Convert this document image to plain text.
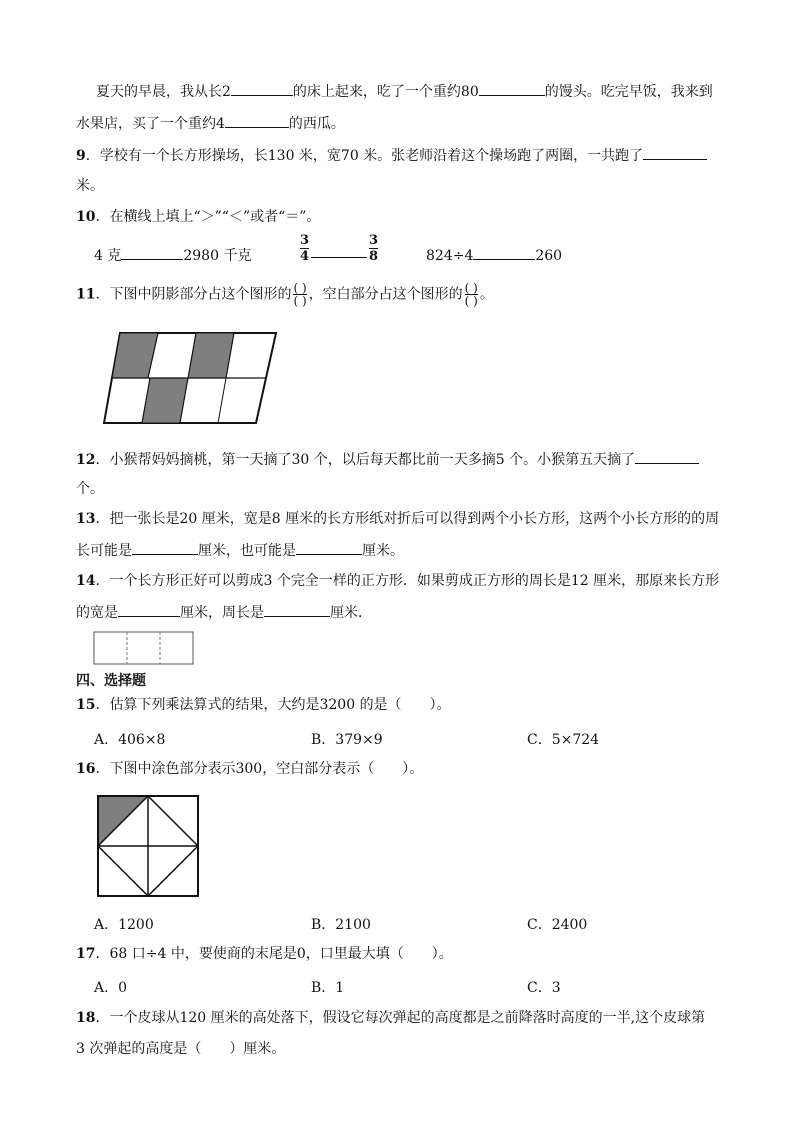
夏天的早晨，我从长2	的床上起来，吃了一个重约80	的馒头。吃完早饭，我来到
水果店，买了一个重约4	的西瓜。
9．学校有一个长方形操场，长130 米，宽70 米。张老师沿着这个操场跑了两圈，一共跑了
米。
10．在横线上填上“＞”“＜”或者“＝”。
4 克	2980 千克	$\frac{3}{4}$	$\frac{3}{8}$	824÷4	260
11．下图中阴影部分占这个图形的 $\frac{( )}{( )}$ ，空白部分占这个图形的 $\frac{( )}{( )}$ 。
12．小猴帮妈妈摘桃，第一天摘了30 个，以后每天都比前一天多摘5 个。小猴第五天摘了
个。
13．把一张长是20 厘米，宽是8 厘米的长方形纸对折后可以得到两个小长方形，这两个小长方形的的周
长可能是	厘米，也可能是	厘米。
14．一个长方形正好可以剪成3 个完全一样的正方形．如果剪成正方形的周长是12 厘米，那原来长方形
的宽是	厘米，周长是	厘米．
四、选择题
15．估算下列乘法算式的结果，大约是3200 的是（　　）。
A．406×8	B．379×9	C．5×724
16．下图中涂色部分表示300，空白部分表示（　　）。
A．1200	B．2100	C．2400
17．68 口÷4 中，要使商的末尾是0，口里最大填（　　）。
A．0	B．1	C．3
18．一个皮球从120 厘米的高处落下，假设它每次弹起的高度都是之前降落时高度的一半,这个皮球第
3 次弹起的高度是（　　）厘米。
